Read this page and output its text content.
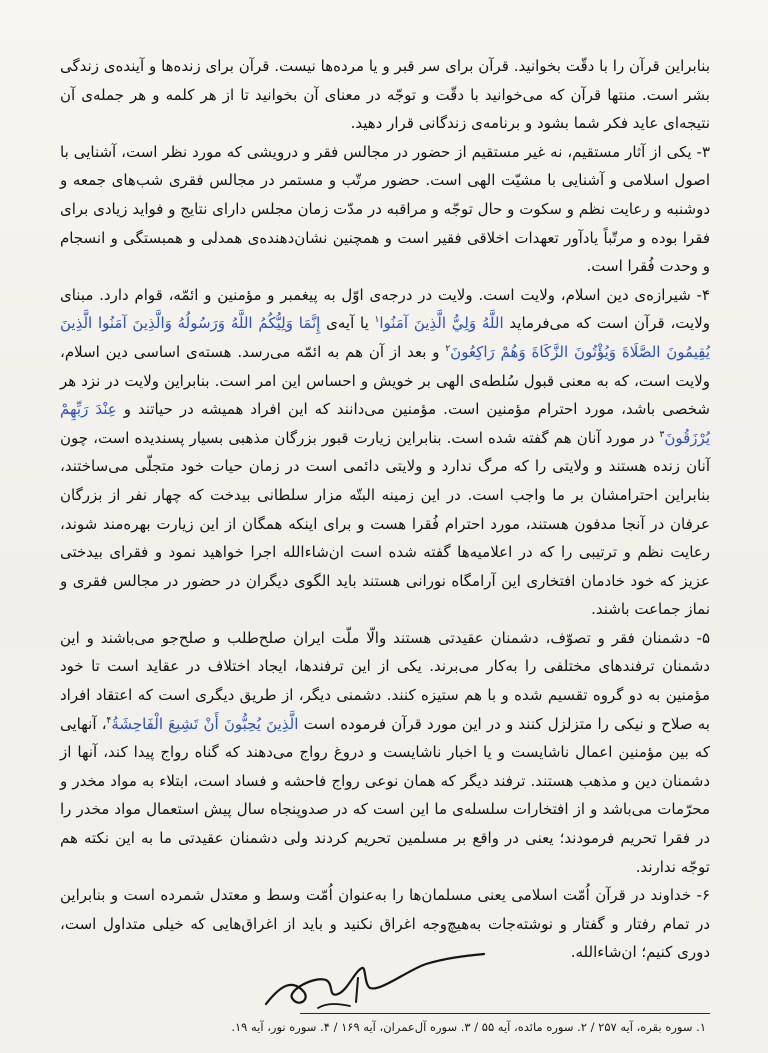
بنابراین قرآن را با دقّت بخوانید. قرآن برای سر قبر و یا مرده‌ها نیست. قرآن برای زنده‌ها و آینده‌ی زندگی بشر است. منتها قرآن که می‌خوانید با دقّت و توجّه در معنای آن بخوانید تا از هر کلمه و هر جمله‌ی آن نتیجه‌ای عاید فکر شما بشود و برنامه‌ی زندگانی قرار دهید.

۳- یکی از آثار مستقیم، نه غیر مستقیم از حضور در مجالس فقر و درویشی که مورد نظر است، آشنایی با اصول اسلامی و آشنایی با مشیّت الهی است. حضور مرتّب و مستمر در مجالس فقری شب‌های جمعه و دوشنبه و رعایت نظم و سکوت و حال توجّه و مراقبه در مدّت زمان مجلس دارای نتایج و فواید زیادی برای فقرا بوده و مرتّباً یادآور تعهدات اخلاقی فقیر است و همچنین نشان‌دهنده‌ی همدلی و همبستگی و انسجام و وحدت فُقرا است.

۴- شیرازه‌ی دین اسلام، ولایت است. ولایت در درجه‌ی اوّل به پیغمبر و مؤمنین و ائمّه، قوام دارد. مبنای ولایت، قرآن است که می‌فرماید اللَّهُ وَلِيُّ الَّذِينَ آمَنُوا$^۱$ یا آیه‌ی إِنَّمَا وَلِيُّكُمُ اللَّهُ وَرَسُولُهُ وَالَّذِينَ آمَنُوا الَّذِينَ يُقِيمُونَ الصَّلَاةَ وَيُؤْتُونَ الزَّكَاةَ وَهُمْ رَاكِعُونَ$^۲$ و بعد از آن هم به ائمّه می‌رسد. هسته‌ی اساسی دین اسلام، ولایت است، که به معنی قبول سُلطه‌ی الهی بر خویش و احساس این امر است. بنابراین ولایت در نزد هر شخصی باشد، مورد احترام مؤمنین است. مؤمنین می‌دانند که این افراد همیشه در حیاتند و عِنْدَ رَبِّهِمْ يُرْزَقُونَ$^۳$ در مورد آنان هم گفته شده است. بنابراین زیارت قبور بزرگان مذهبی بسیار پسندیده است، چون آنان زنده هستند و ولایتی را که مرگ ندارد و ولایتی دائمی است در زمان حیات خود متجلّی می‌ساختند، بنابراین احترامشان بر ما واجب است. در این زمینه البتّه مزار سلطانی بیدخت که چهار نفر از بزرگان عرفان در آنجا مدفون هستند، مورد احترام فُقرا هست و برای اینکه همگان از این زیارت بهره‌مند شوند، رعایت نظم و ترتیبی را که در اعلامیه‌ها گفته شده است ان‌شاءالله اجرا خواهید نمود و فقرای بیدختی عزیز که خود خادمان افتخاری این آرامگاه نورانی هستند باید الگوی دیگران در حضور در مجالس فقری و نماز جماعت باشند.

۵- دشمنان فقر و تصوّف، دشمنان عقیدتی هستند والّا ملّت ایران صلح‌طلب و صلح‌جو می‌باشند و این دشمنان ترفندهای مختلفی را به‌کار می‌برند. یکی از این ترفندها، ایجاد اختلاف در عقاید است تا خود مؤمنین به دو گروه تقسیم شده و با هم ستیزه کنند. دشمنی دیگر، از طریق دیگری است که اعتقاد افراد به صلاح و نیکی را متزلزل کنند و در این مورد قرآن فرموده است الَّذِينَ يُحِبُّونَ أَنْ تَشِيعَ الْفَاحِشَةُ$^۴$، آنهایی که بین مؤمنین اعمال ناشایست و یا اخبار ناشایست و دروغ رواج می‌دهند که گناه رواج پیدا کند، آنها از دشمنان دین و مذهب هستند. ترفند دیگر که همان نوعی رواج فاحشه و فساد است، ابتلاء به مواد مخدر و محرّمات می‌باشد و از افتخارات سلسله‌ی ما این است که در صدوپنجاه سال پیش استعمال مواد مخدر را در فقرا تحریم فرمودند؛ یعنی در واقع بر مسلمین تحریم کردند ولی دشمنان عقیدتی ما به این نکته هم توجّه ندارند.

۶- خداوند در قرآن اُمّت اسلامی یعنی مسلمان‌ها را به‌عنوان اُمّت وسط و معتدل شمرده است و بنابراین در تمام رفتار و گفتار و نوشته‌جات به‌هیچ‌وجه اغراق نکنید و باید از اغراق‌هایی که خیلی متداول است، دوری کنیم؛ ان‌شاءالله.

۱. سوره بقره، آیه ۲۵۷ / ۲. سوره مائده، آیه ۵۵ / ۳. سوره آل‌عمران، آیه ۱۶۹ / ۴. سوره نور، آیه ۱۹.
